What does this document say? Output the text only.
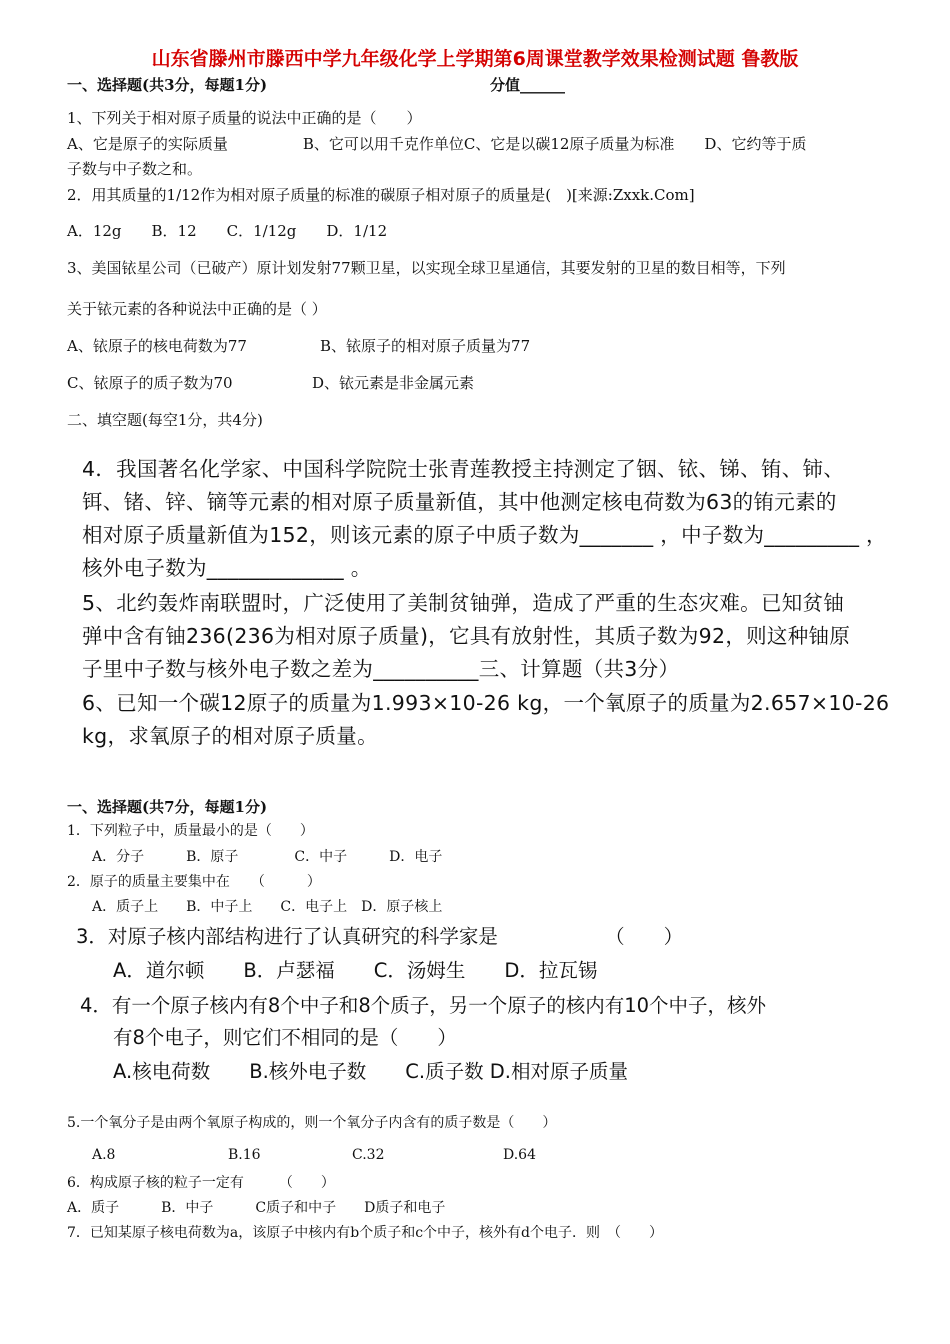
山东省滕州市滕西中学九年级化学上学期第6周课堂教学效果检测试题 鲁教版
一、选择题(共3分，每题1分)	分值______
1、下列关于相对原子质量的说法中正确的是（　　）
A、它是原子的实际质量　　　　　B、它可以用千克作单位C、它是以碳12原子质量为标准　　D、它约等于质
子数与中子数之和。
2．用其质量的1/12作为相对原子质量的标准的碳原子相对原子的质量是(　)[来源:Zxxk.Com]
A．12g　　B．12　　C．1/12g　　D．1/12
3、美国铱星公司（已破产）原计划发射77颗卫星，以实现全球卫星通信，其要发射的卫星的数目相等，下列
关于铱元素的各种说法中正确的是（ ）
A、铱原子的核电荷数为77	B、铱原子的相对原子质量为77
C、铱原子的质子数为70	D、铱元素是非金属元素
二、填空题(每空1分，共4分)
4．我国著名化学家、中国科学院院士张青莲教授主持测定了铟、铱、锑、铕、铈、
铒、锗、锌、镝等元素的相对原子质量新值，其中他测定核电荷数为63的铕元素的
相对原子质量新值为152，则该元素的原子中质子数为_______ ，中子数为_________ ，
核外电子数为_____________ 。
5、北约轰炸南联盟时，广泛使用了美制贫铀弹，造成了严重的生态灾难。已知贫铀
弹中含有铀236(236为相对原子质量)，它具有放射性，其质子数为92，则这种铀原
子里中子数与核外电子数之差为__________三、计算题（共3分）
6、已知一个碳12原子的质量为1.993×10-26 kg，一个氧原子的质量为2.657×10-26
kg，求氧原子的相对原子质量。
一、选择题(共7分，每题1分)
1．下列粒子中，质量最小的是（　　）
A．分子　　　B．原子　　　　C．中子　　　D．电子
2．原子的质量主要集中在　　（　　　）
A．质子上　　B．中子上　　C．电子上　D．原子核上
3．对原子核内部结构进行了认真研究的科学家是　　　　　　（　　）
A．道尔顿　　B．卢瑟福　　C．汤姆生　　D．拉瓦锡
4．有一个原子核内有8个中子和8个质子，另一个原子的核内有10个中子，核外
有8个电子，则它们不相同的是（　　）
A.核电荷数　　B.核外电子数　　C.质子数 D.相对原子质量
5.一个氧分子是由两个氧原子构成的，则一个氧分子内含有的质子数是（　　）
A.8	B.16	C.32	D.64
6．构成原子核的粒子一定有　　　（　　）
A．质子　　　B．中子　　　C质子和中子　　D质子和电子
7．已知某原子核电荷数为a，该原子中核内有b个质子和c个中子，核外有d个电子．则　（　　）
